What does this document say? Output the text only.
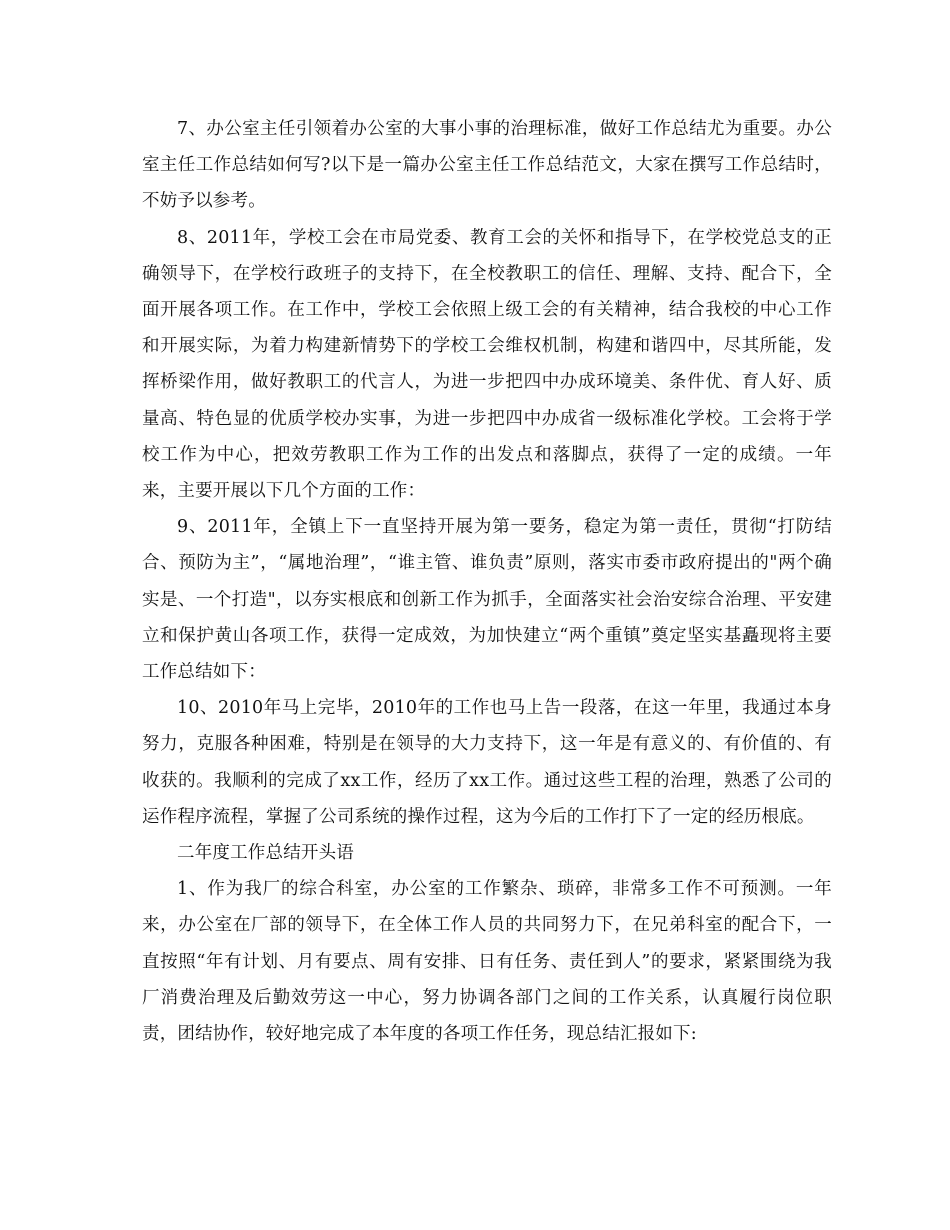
7、办公室主任引领着办公室的大事小事的治理标准，做好工作总结尤为重要。办公室主任工作总结如何写?以下是一篇办公室主任工作总结范文，大家在撰写工作总结时，不妨予以参考。

8、2011年，学校工会在市局党委、教育工会的关怀和指导下，在学校党总支的正确领导下，在学校行政班子的支持下，在全校教职工的信任、理解、支持、配合下，全面开展各项工作。在工作中，学校工会依照上级工会的有关精神，结合我校的中心工作和开展实际，为着力构建新情势下的学校工会维权机制，构建和谐四中，尽其所能，发挥桥梁作用，做好教职工的代言人，为进一步把四中办成环境美、条件优、育人好、质量高、特色显的优质学校办实事，为进一步把四中办成省一级标准化学校。工会将于学校工作为中心，把效劳教职工作为工作的出发点和落脚点，获得了一定的成绩。一年来，主要开展以下几个方面的工作：

9、2011年，全镇上下一直坚持开展为第一要务，稳定为第一责任，贯彻“打防结合、预防为主”，“属地治理”，“谁主管、谁负责”原则，落实市委市政府提出的"两个确实是、一个打造"，以夯实根底和创新工作为抓手，全面落实社会治安综合治理、平安建立和保护黄山各项工作，获得一定成效，为加快建立“两个重镇”奠定坚实基矗现将主要工作总结如下：

10、2010年马上完毕，2010年的工作也马上告一段落，在这一年里，我通过本身努力，克服各种困难，特别是在领导的大力支持下，这一年是有意义的、有价值的、有收获的。我顺利的完成了xx工作，经历了xx工作。通过这些工程的治理，熟悉了公司的运作程序流程，掌握了公司系统的操作过程，这为今后的工作打下了一定的经历根底。

二年度工作总结开头语

1、作为我厂的综合科室，办公室的工作繁杂、琐碎，非常多工作不可预测。一年来，办公室在厂部的领导下，在全体工作人员的共同努力下，在兄弟科室的配合下，一直按照“年有计划、月有要点、周有安排、日有任务、责任到人”的要求，紧紧围绕为我厂消费治理及后勤效劳这一中心，努力协调各部门之间的工作关系，认真履行岗位职责，团结协作，较好地完成了本年度的各项工作任务，现总结汇报如下:
